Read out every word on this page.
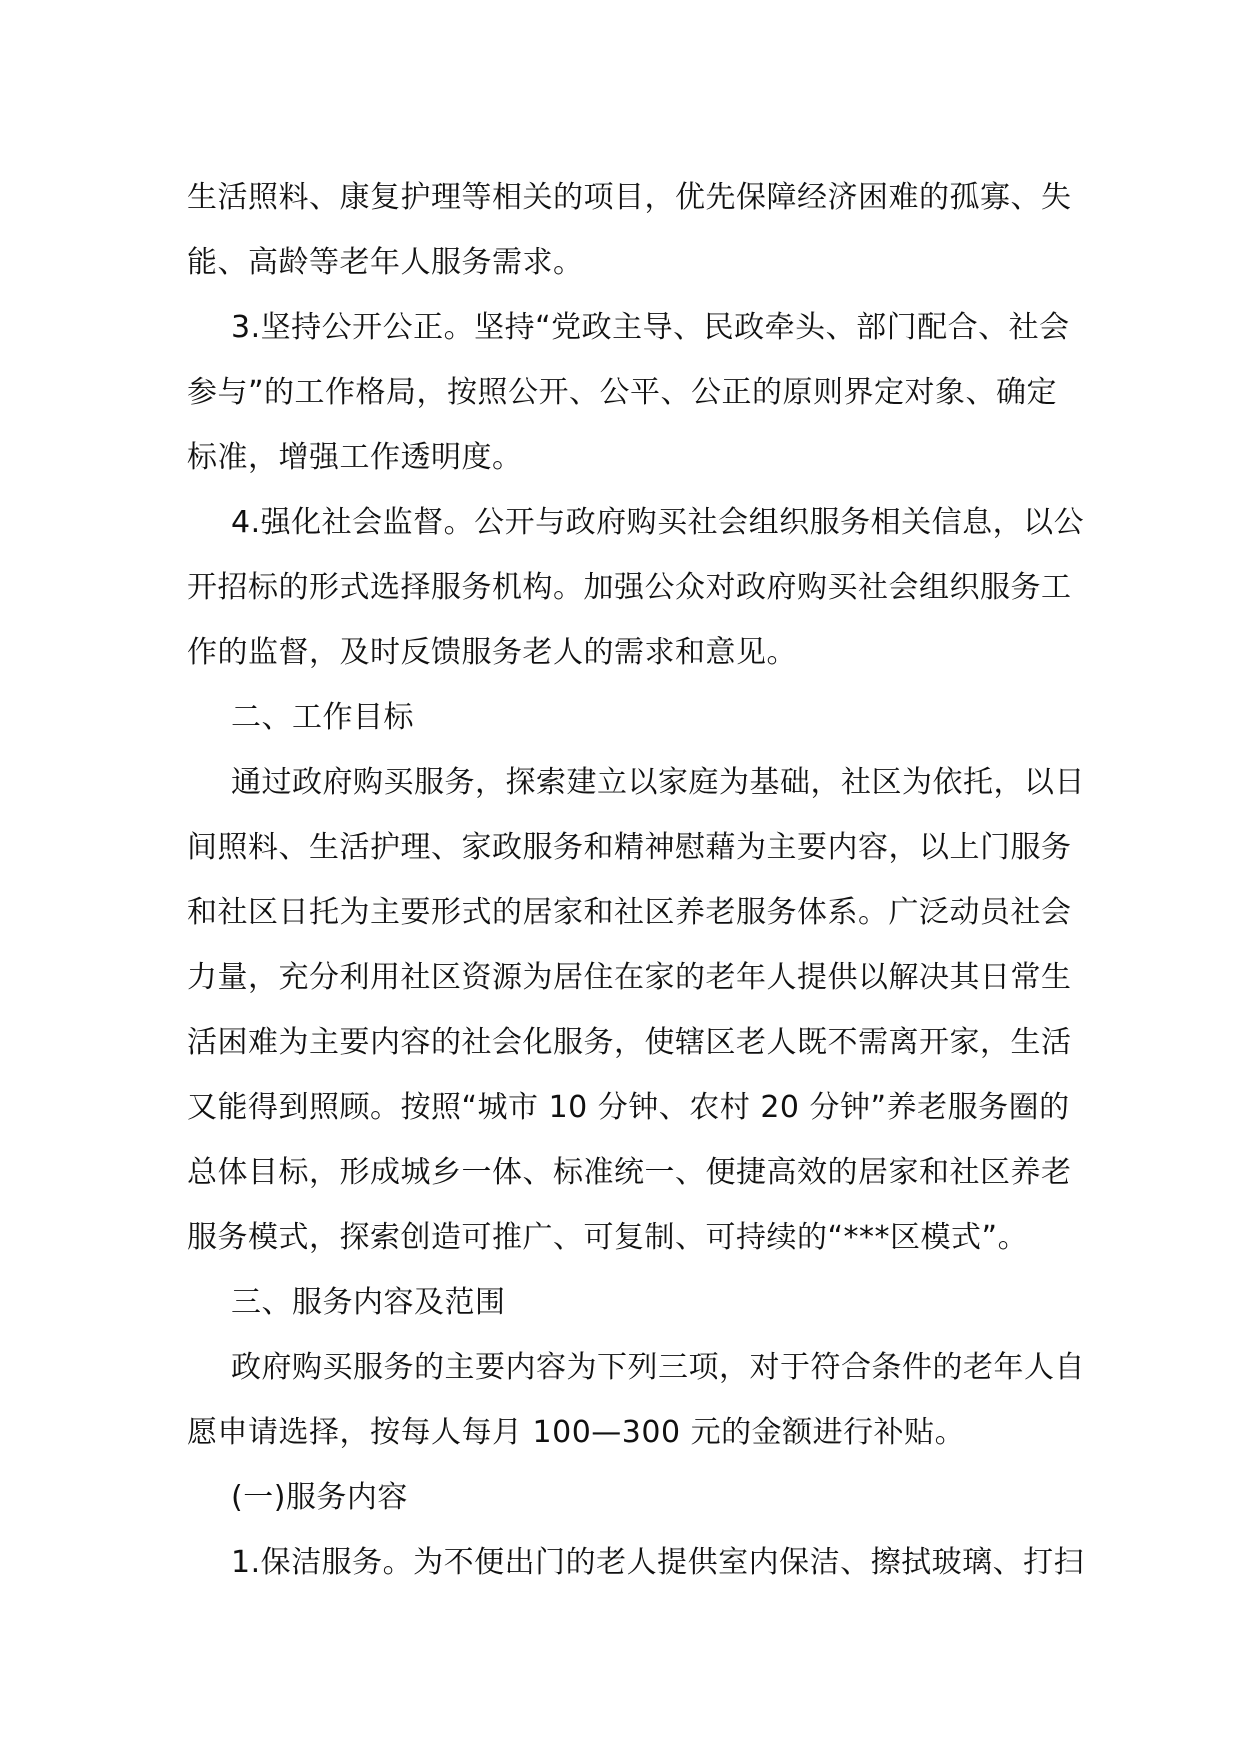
生活照料、康复护理等相关的项目，优先保障经济困难的孤寡、失
能、高龄等老年人服务需求。

3.坚持公开公正。坚持“党政主导、民政牵头、部门配合、社会
参与”的工作格局，按照公开、公平、公正的原则界定对象、确定
标准，增强工作透明度。

4.强化社会监督。公开与政府购买社会组织服务相关信息，以公
开招标的形式选择服务机构。加强公众对政府购买社会组织服务工
作的监督，及时反馈服务老人的需求和意见。

二、工作目标

通过政府购买服务，探索建立以家庭为基础，社区为依托，以日
间照料、生活护理、家政服务和精神慰藉为主要内容，以上门服务
和社区日托为主要形式的居家和社区养老服务体系。广泛动员社会
力量，充分利用社区资源为居住在家的老年人提供以解决其日常生
活困难为主要内容的社会化服务，使辖区老人既不需离开家，生活
又能得到照顾。按照“城市 10 分钟、农村 20 分钟”养老服务圈的
总体目标，形成城乡一体、标准统一、便捷高效的居家和社区养老
服务模式，探索创造可推广、可复制、可持续的“***区模式”。

三、服务内容及范围

政府购买服务的主要内容为下列三项，对于符合条件的老年人自
愿申请选择，按每人每月 100—300 元的金额进行补贴。

(一)服务内容

1.保洁服务。为不便出门的老人提供室内保洁、擦拭玻璃、打扫
